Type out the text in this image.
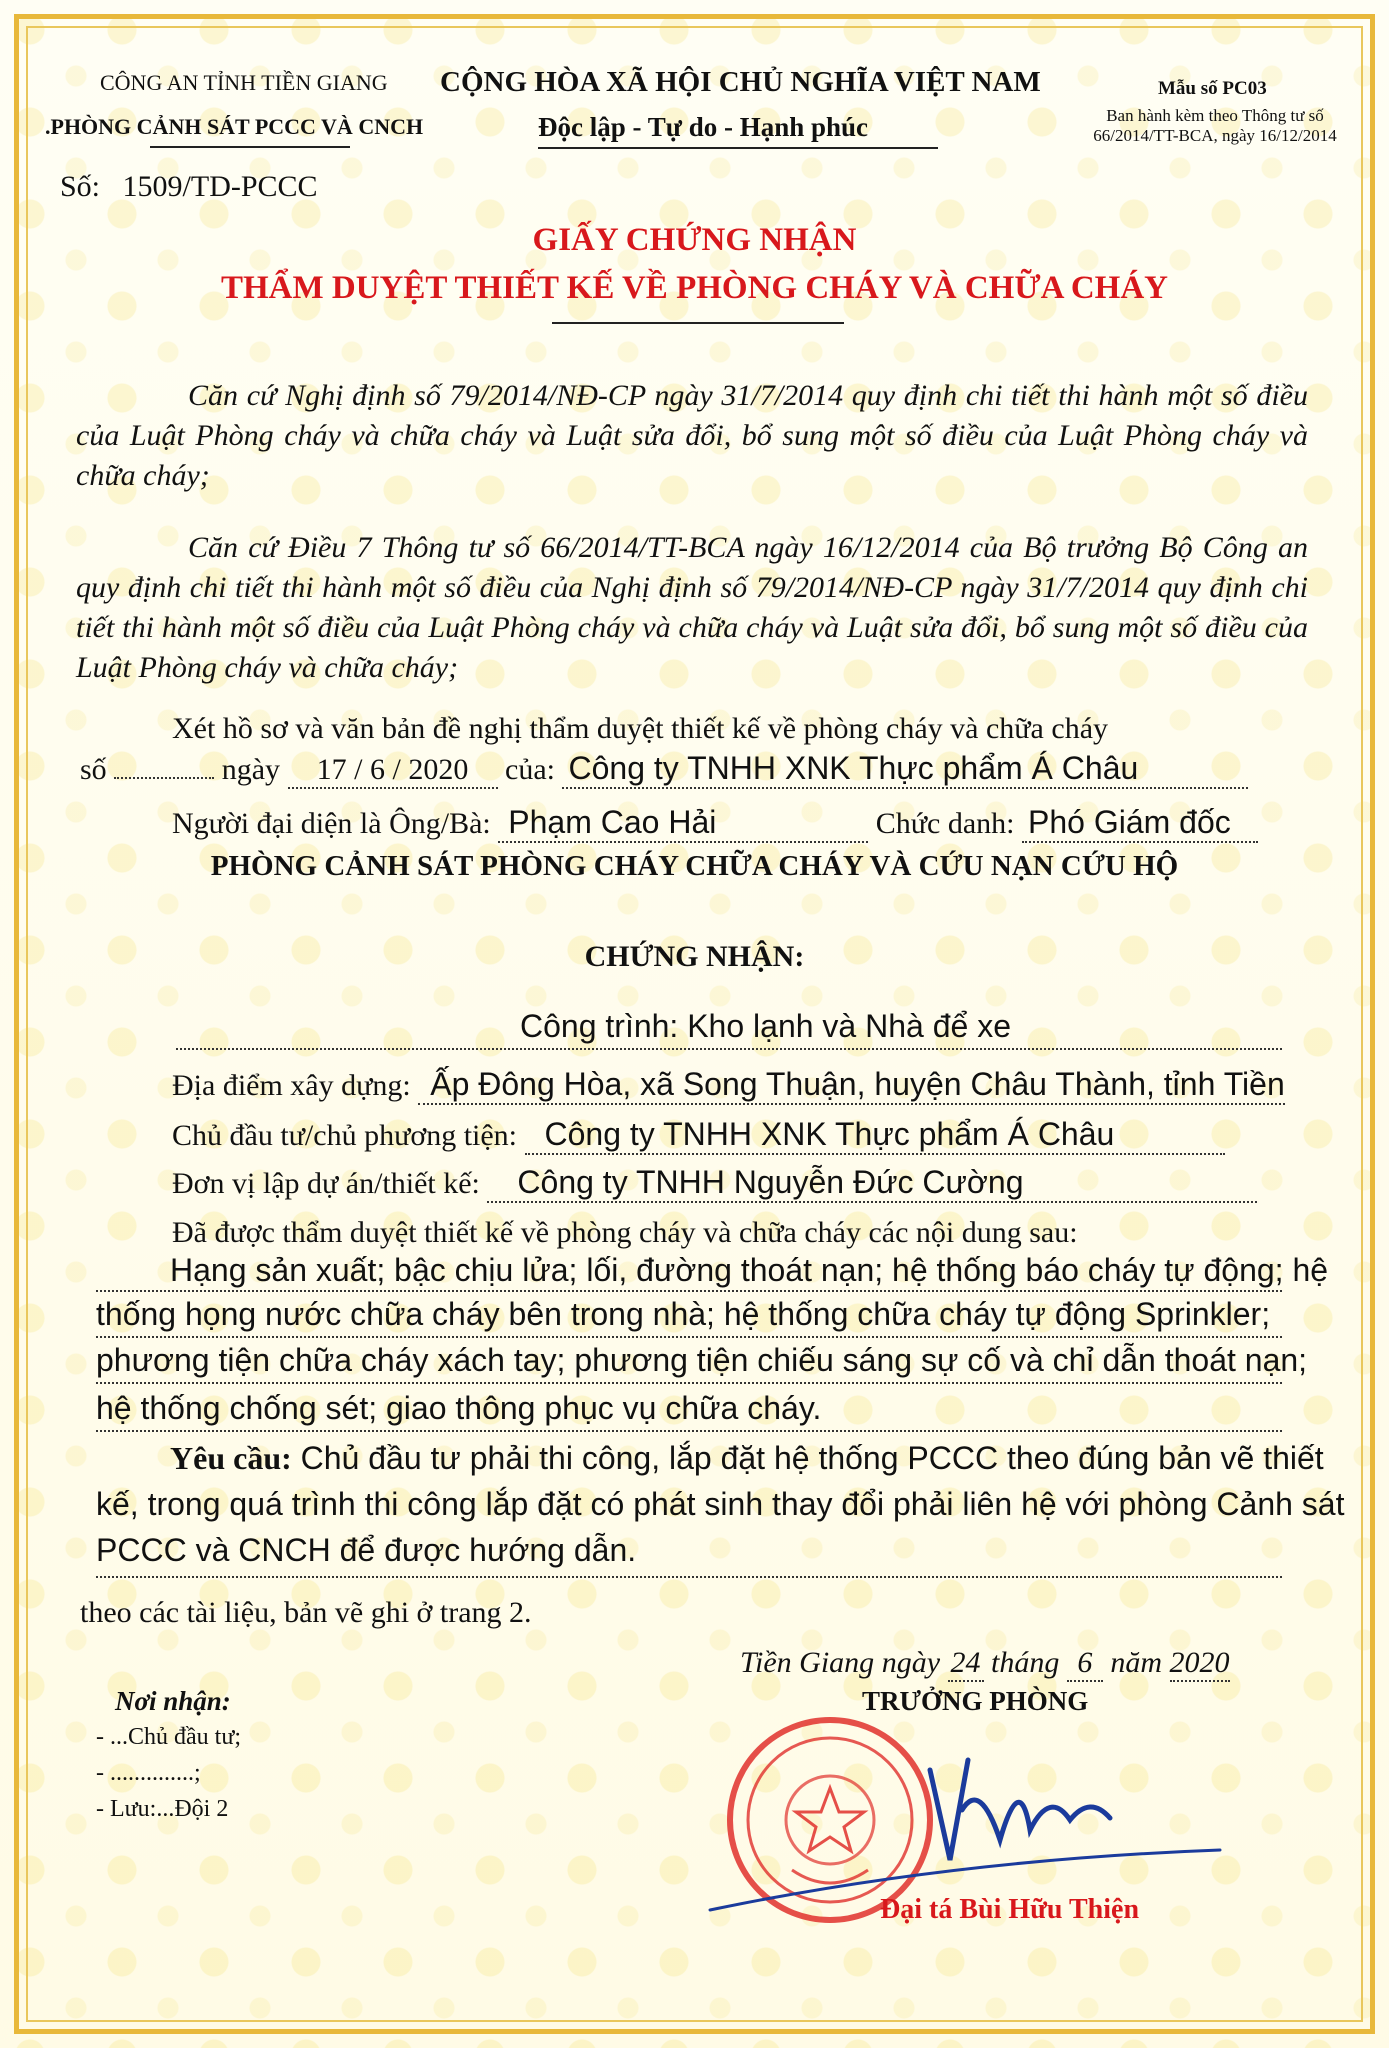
CÔNG AN TỈNH TIỀN GIANG
.PHÒNG CẢNH SÁT PCCC VÀ CNCH
Số: 1509/TD-PCCC
CỘNG HÒA XÃ HỘI CHỦ NGHĨA VIỆT NAM
Độc lập - Tự do - Hạnh phúc
Mẫu số PC03
Ban hành kèm theo Thông tư số 66/2014/TT-BCA, ngày 16/12/2014
GIẤY CHỨNG NHẬN
THẨM DUYỆT THIẾT KẾ VỀ PHÒNG CHÁY VÀ CHỮA CHÁY
Căn cứ Nghị định số 79/2014/NĐ-CP ngày 31/7/2014 quy định chi tiết thi hành một số điều của Luật Phòng cháy và chữa cháy và Luật sửa đổi, bổ sung một số điều của Luật Phòng cháy và chữa cháy;
Căn cứ Điều 7 Thông tư số 66/2014/TT-BCA ngày 16/12/2014 của Bộ trưởng Bộ Công an quy định chi tiết thi hành một số điều của Nghị định số 79/2014/NĐ-CP ngày 31/7/2014 quy định chi tiết thi hành một số điều của Luật Phòng cháy và chữa cháy và Luật sửa đổi, bổ sung một số điều của Luật Phòng cháy và chữa cháy;
Xét hồ sơ và văn bản đề nghị thẩm duyệt thiết kế về phòng cháy và chữa cháy
số	ngày 17 / 6 / 2020 của: Công ty TNHH XNK Thực phẩm Á Châu
Người đại diện là Ông/Bà: Phạm Cao Hải	Chức danh: Phó Giám đốc
PHÒNG CẢNH SÁT PHÒNG CHÁY CHỮA CHÁY VÀ CỨU NẠN CỨU HỘ
CHỨNG NHẬN:
Công trình: Kho lạnh và Nhà để xe
Địa điểm xây dựng: Ấp Đông Hòa, xã Song Thuận, huyện Châu Thành, tỉnh Tiền
Chủ đầu tư/chủ phương tiện: Công ty TNHH XNK Thực phẩm Á Châu
Đơn vị lập dự án/thiết kế: Công ty TNHH Nguyễn Đức Cường
Đã được thẩm duyệt thiết kế về phòng cháy và chữa cháy các nội dung sau:
Hạng sản xuất; bậc chịu lửa; lối, đường thoát nạn; hệ thống báo cháy tự động; hệ
thống họng nước chữa cháy bên trong nhà; hệ thống chữa cháy tự động Sprinkler;
phương tiện chữa cháy xách tay; phương tiện chiếu sáng sự cố và chỉ dẫn thoát nạn;
hệ thống chống sét; giao thông phục vụ chữa cháy.
Yêu cầu: Chủ đầu tư phải thi công, lắp đặt hệ thống PCCC theo đúng bản vẽ thiết
kế, trong quá trình thi công lắp đặt có phát sinh thay đổi phải liên hệ với phòng Cảnh sát
PCCC và CNCH để được hướng dẫn.
theo các tài liệu, bản vẽ ghi ở trang 2.
Tiền Giang ngày 24 tháng 6 năm 2020
TRƯỞNG PHÒNG
Đại tá Bùi Hữu Thiện
Nơi nhận:
- ...Chủ đầu tư;
- ..............;
- Lưu:...Đội 2
